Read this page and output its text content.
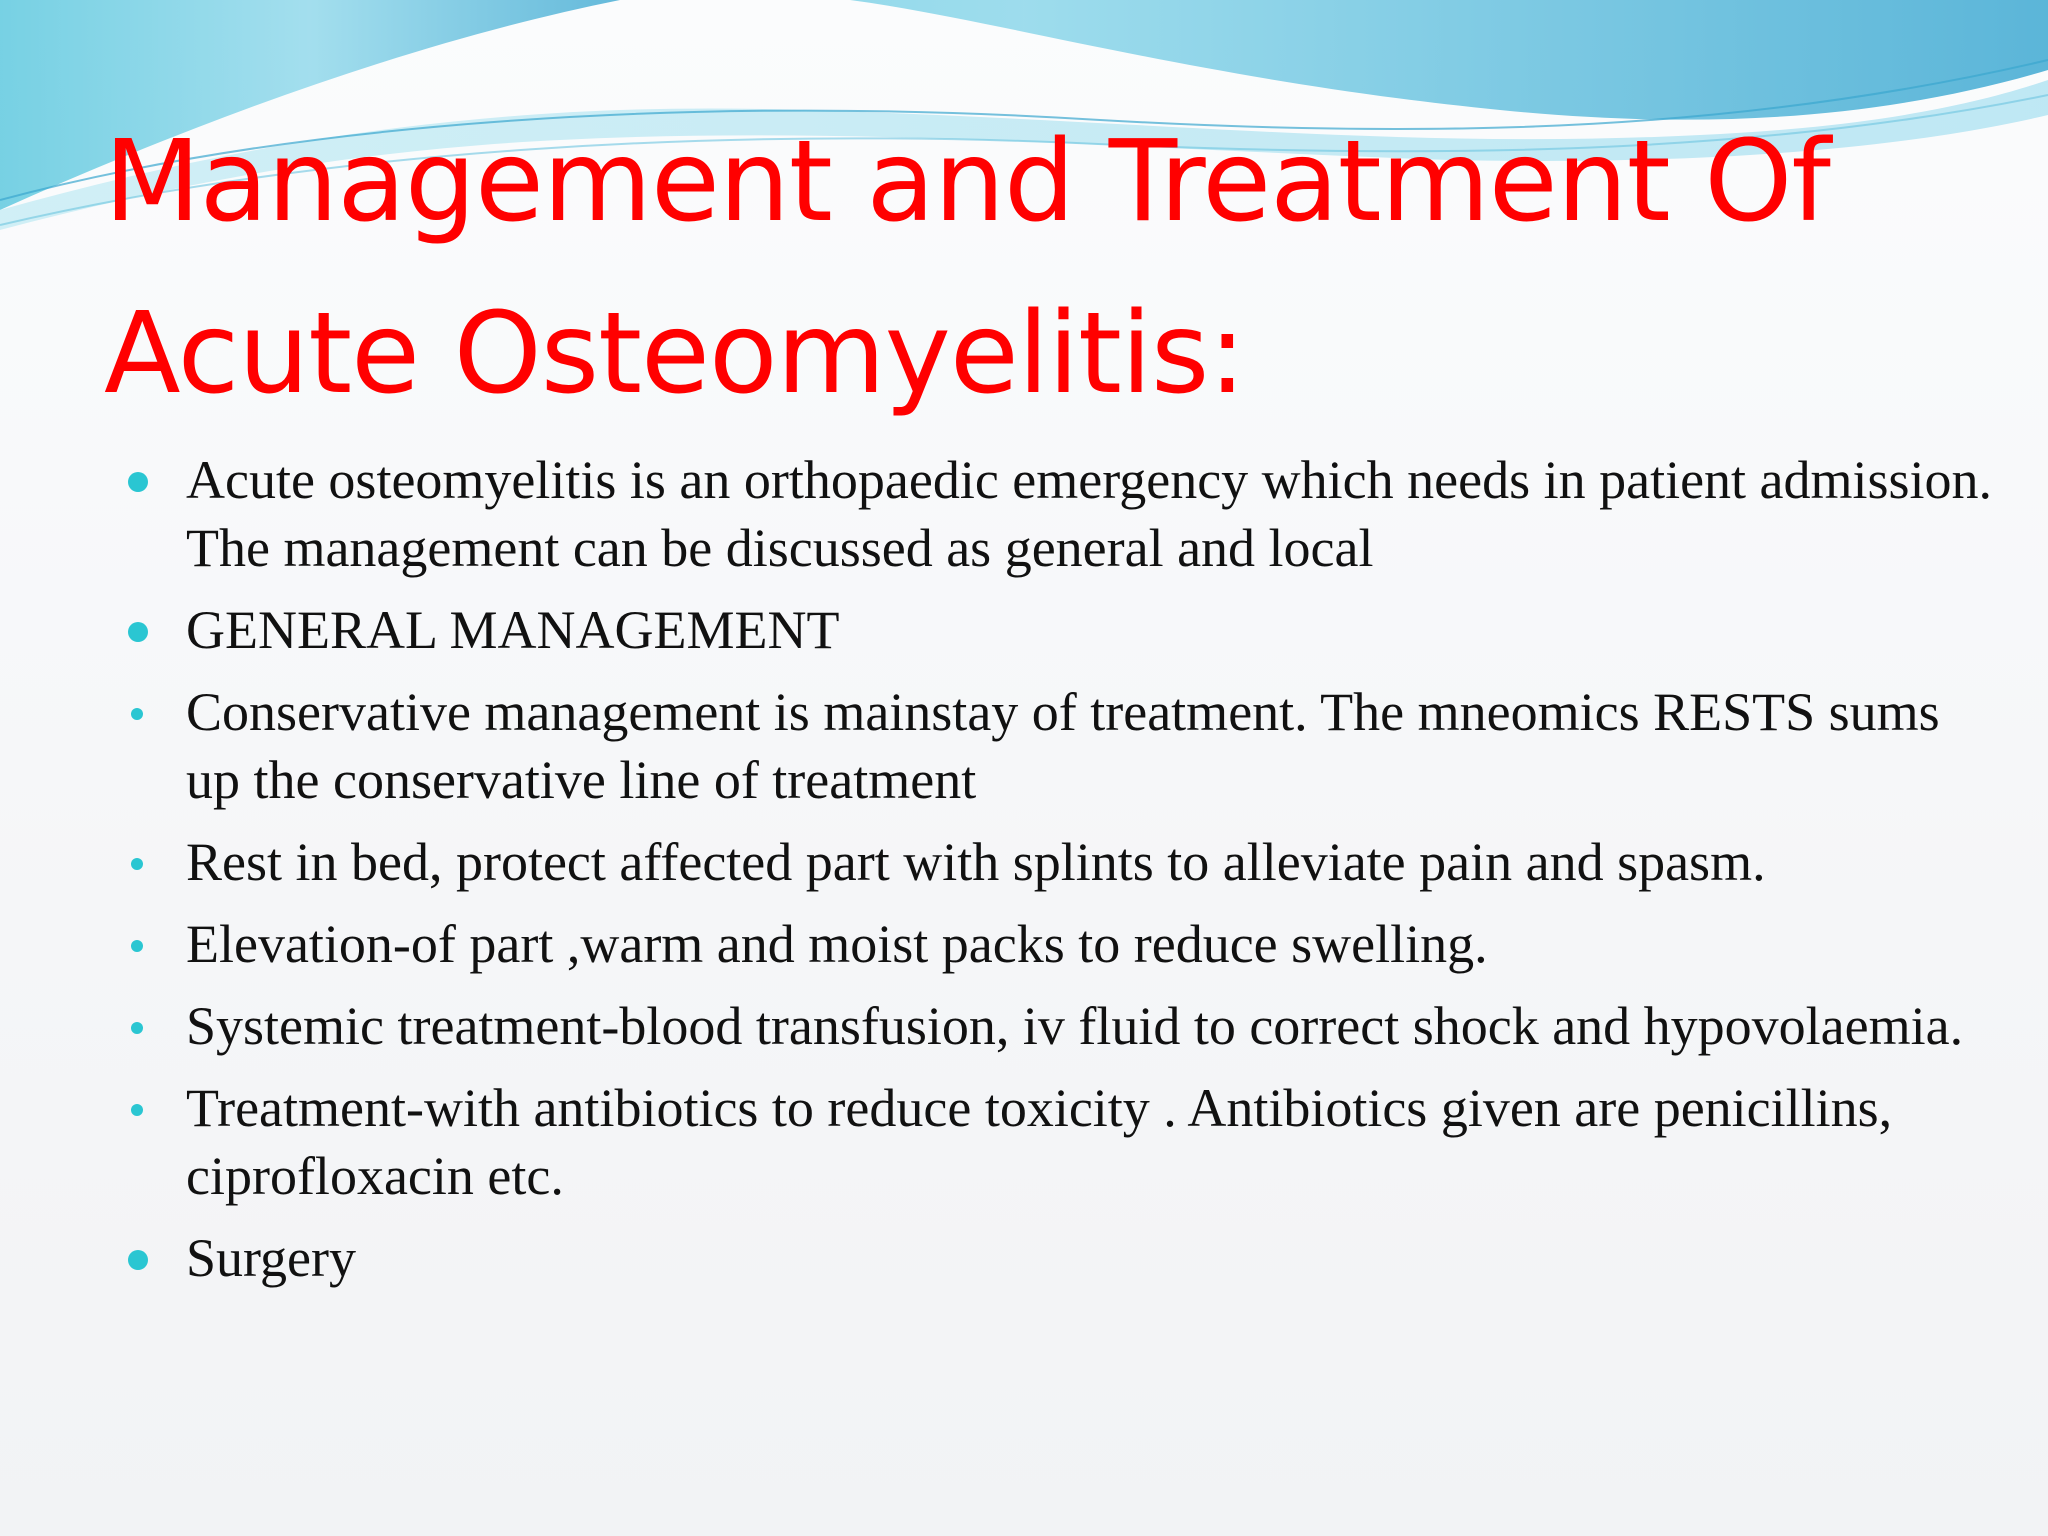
Management and Treatment Of
Acute Osteomyelitis:
Acute osteomyelitis is an orthopaedic emergency which needs in patient admission. The management can be discussed as general and local
GENERAL MANAGEMENT
Conservative management is mainstay of treatment. The mneomics RESTS sums up the conservative line of treatment
Rest in bed, protect affected part with splints to alleviate pain and spasm.
Elevation-of part ,warm and moist packs to reduce swelling.
Systemic treatment-blood transfusion, iv fluid to correct shock and hypovolaemia.
Treatment-with antibiotics to reduce toxicity . Antibiotics given are penicillins, ciprofloxacin etc.
Surgery
